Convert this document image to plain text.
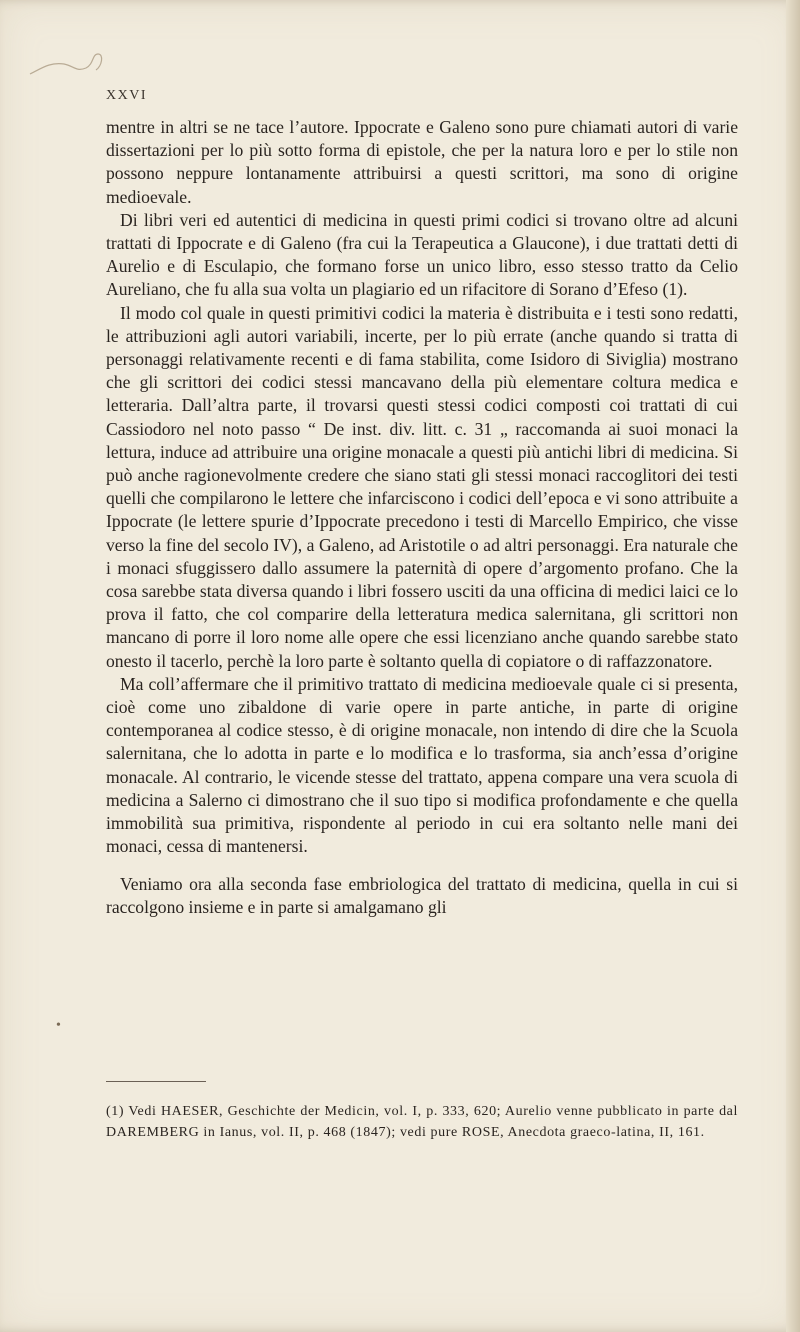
XXVI

mentre in altri se ne tace l’autore. Ippocrate e Galeno sono pure chiamati autori di varie dissertazioni per lo più sotto forma di epistole, che per la natura loro e per lo stile non possono neppure lontanamente attribuirsi a questi scrittori, ma sono di origine medioevale.

Di libri veri ed autentici di medicina in questi primi codici si trovano oltre ad alcuni trattati di Ippocrate e di Galeno (fra cui la Terapeutica a Glaucone), i due trattati detti di Aurelio e di Esculapio, che formano forse un unico libro, esso stesso tratto da Celio Aureliano, che fu alla sua volta un plagiario ed un rifacitore di Sorano d’Efeso (1).

Il modo col quale in questi primitivi codici la materia è distribuita e i testi sono redatti, le attribuzioni agli autori variabili, incerte, per lo più errate (anche quando si tratta di personaggi relativamente recenti e di fama stabilita, come Isidoro di Siviglia) mostrano che gli scrittori dei codici stessi mancavano della più elementare coltura medica e letteraria. Dall’altra parte, il trovarsi questi stessi codici composti coi trattati di cui Cassiodoro nel noto passo “ De inst. div. litt. c. 31 „ raccomanda ai suoi monaci la lettura, induce ad attribuire una origine monacale a questi più antichi libri di medicina. Si può anche ragionevolmente credere che siano stati gli stessi monaci raccoglitori dei testi quelli che compilarono le lettere che infarciscono i codici dell’epoca e vi sono attribuite a Ippocrate (le lettere spurie d’Ippocrate precedono i testi di Marcello Empirico, che visse verso la fine del secolo IV), a Galeno, ad Aristotile o ad altri personaggi. Era naturale che i monaci sfuggissero dallo assumere la paternità di opere d’argomento profano. Che la cosa sarebbe stata diversa quando i libri fossero usciti da una officina di medici laici ce lo prova il fatto, che col comparire della letteratura medica salernitana, gli scrittori non mancano di porre il loro nome alle opere che essi licenziano anche quando sarebbe stato onesto il tacerlo, perchè la loro parte è soltanto quella di copiatore o di raffazzonatore.

Ma coll’affermare che il primitivo trattato di medicina medioevale quale ci si presenta, cioè come uno zibaldone di varie opere in parte antiche, in parte di origine contemporanea al codice stesso, è di origine monacale, non intendo di dire che la Scuola salernitana, che lo adotta in parte e lo modifica e lo trasforma, sia anch’essa d’origine monacale. Al contrario, le vicende stesse del trattato, appena compare una vera scuola di medicina a Salerno ci dimostrano che il suo tipo si modifica profondamente e che quella immobilità sua primitiva, rispondente al periodo in cui era soltanto nelle mani dei monaci, cessa di mantenersi.

Veniamo ora alla seconda fase embriologica del trattato di medicina, quella in cui si raccolgono insieme e in parte si amalgamano gli

•

(1) Vedi HAESER, Geschichte der Medicin, vol. I, p. 333, 620; Aurelio venne pubblicato in parte dal DAREMBERG in Ianus, vol. II, p. 468 (1847); vedi pure ROSE, Anecdota graeco-latina, II, 161.
